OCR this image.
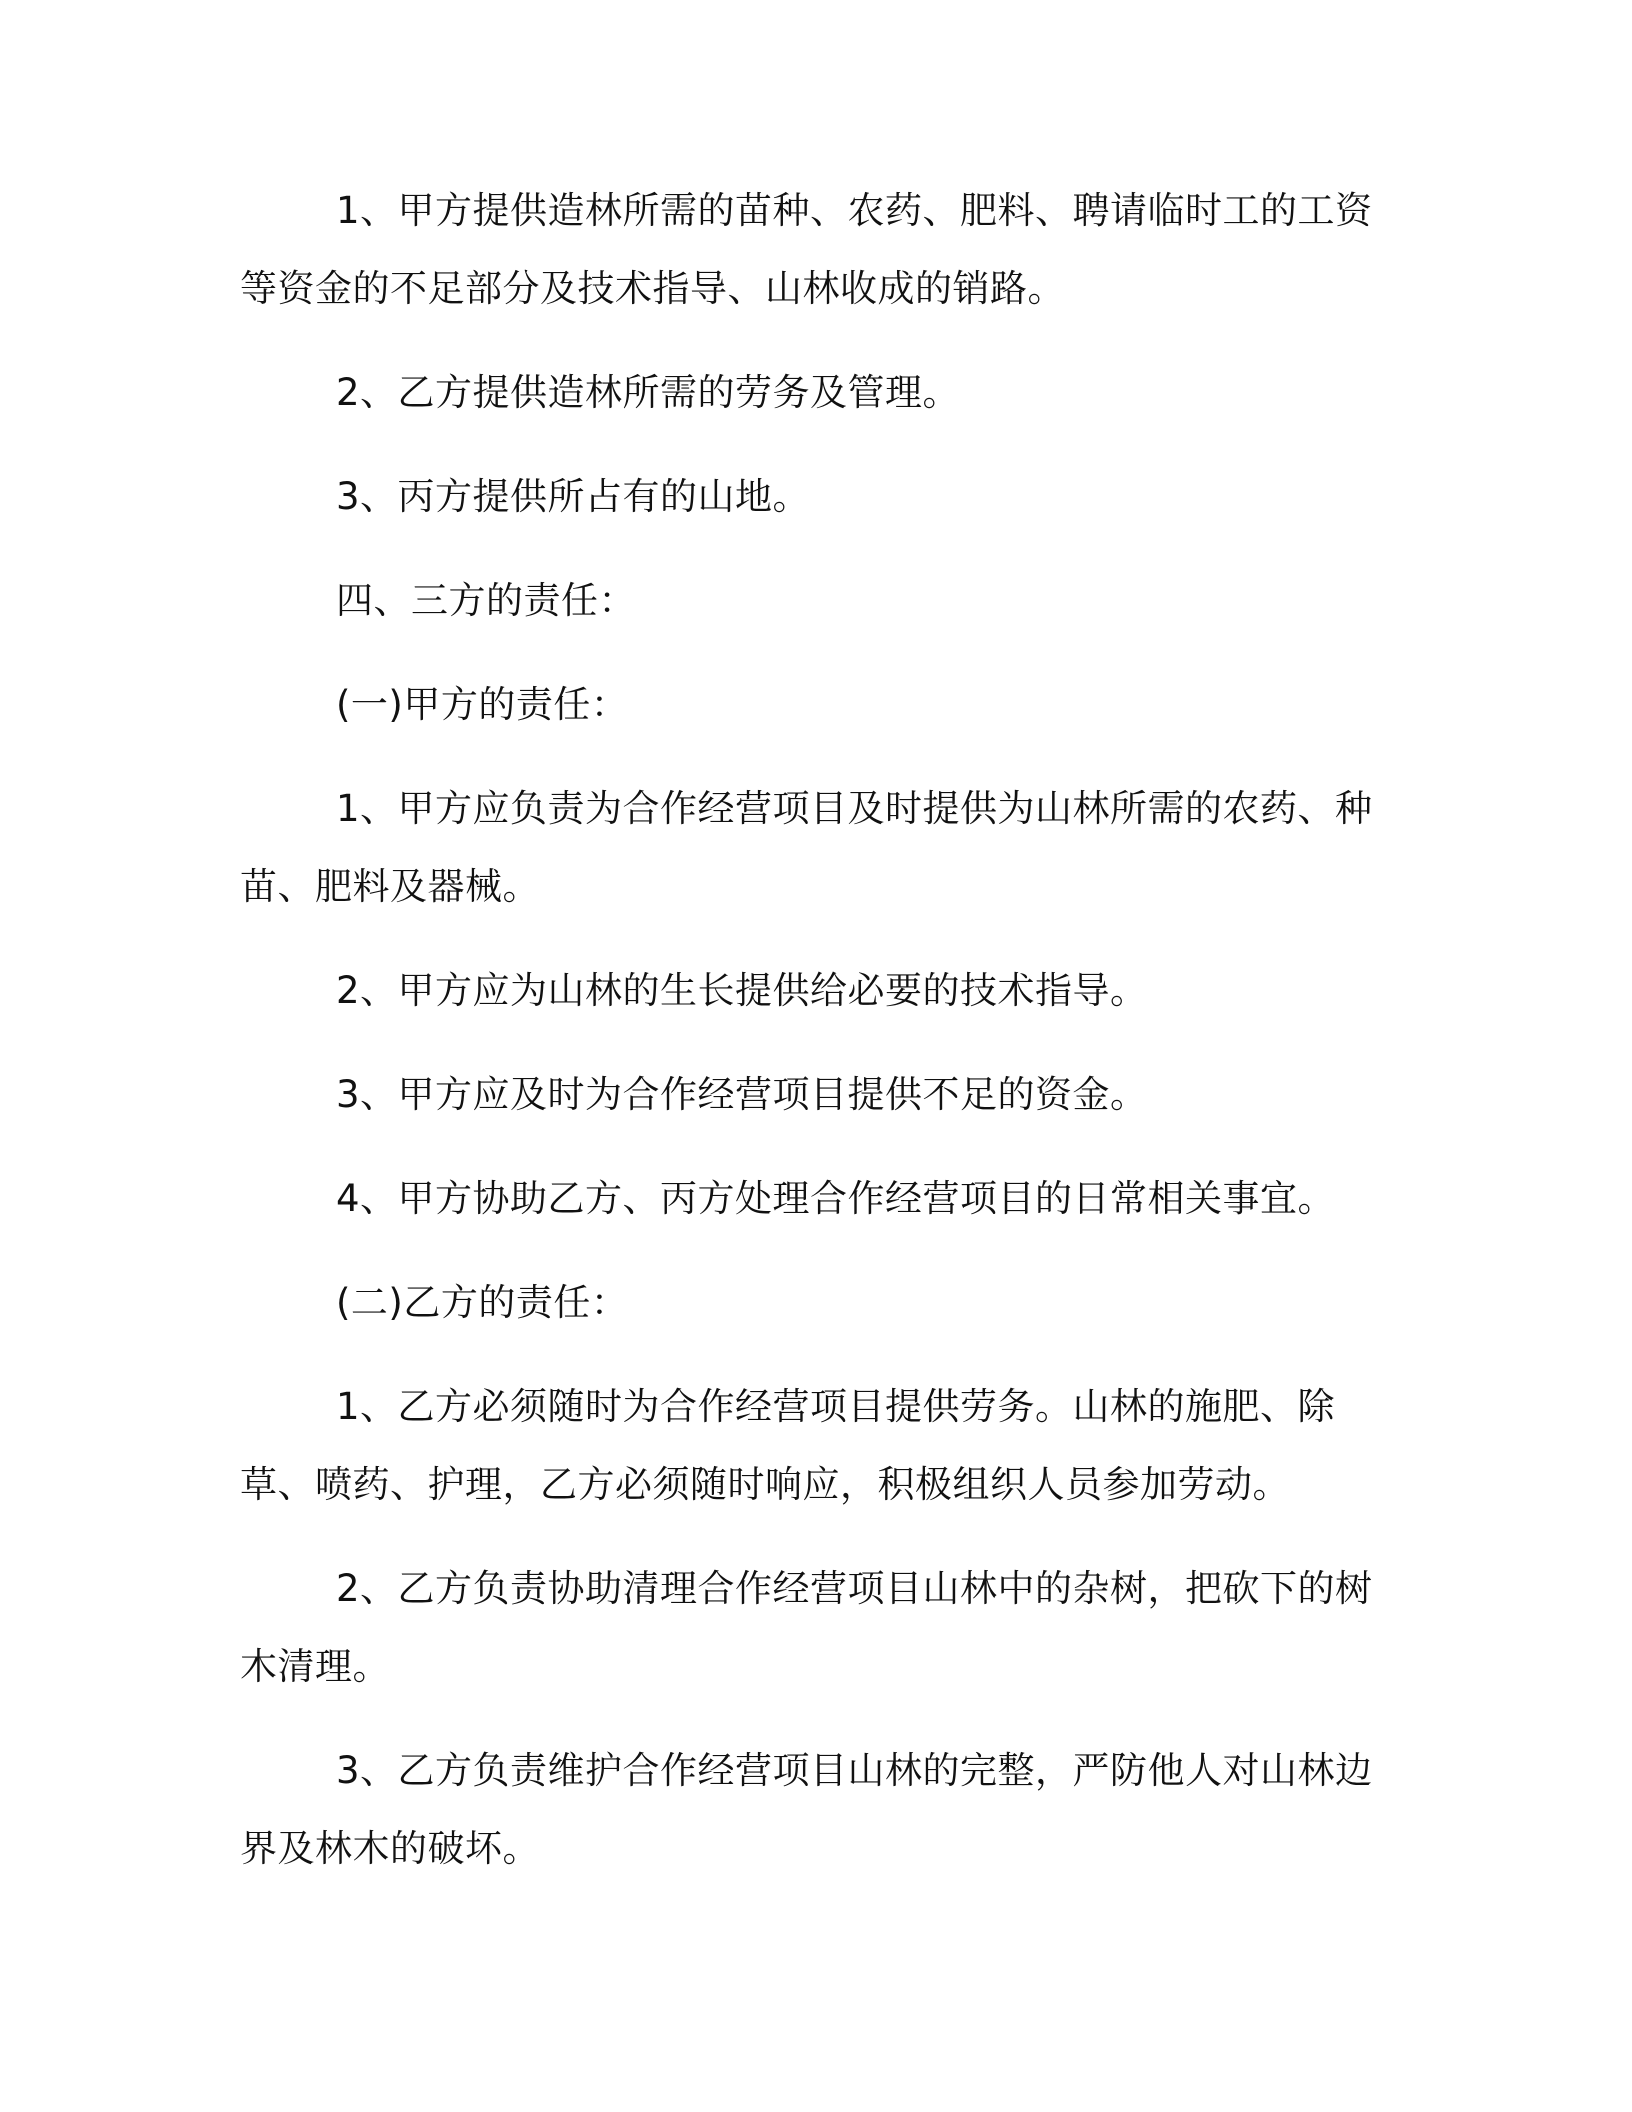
1、甲方提供造林所需的苗种、农药、肥料、聘请临时工的工资等资金的不足部分及技术指导、山林收成的销路。

2、乙方提供造林所需的劳务及管理。

3、丙方提供所占有的山地。

四、三方的责任：

(一)甲方的责任：

1、甲方应负责为合作经营项目及时提供为山林所需的农药、种苗、肥料及器械。

2、甲方应为山林的生长提供给必要的技术指导。

3、甲方应及时为合作经营项目提供不足的资金。

4、甲方协助乙方、丙方处理合作经营项目的日常相关事宜。

(二)乙方的责任：

1、乙方必须随时为合作经营项目提供劳务。山林的施肥、除草、喷药、护理，乙方必须随时响应，积极组织人员参加劳动。

2、乙方负责协助清理合作经营项目山林中的杂树，把砍下的树木清理。

3、乙方负责维护合作经营项目山林的完整，严防他人对山林边界及林木的破坏。
